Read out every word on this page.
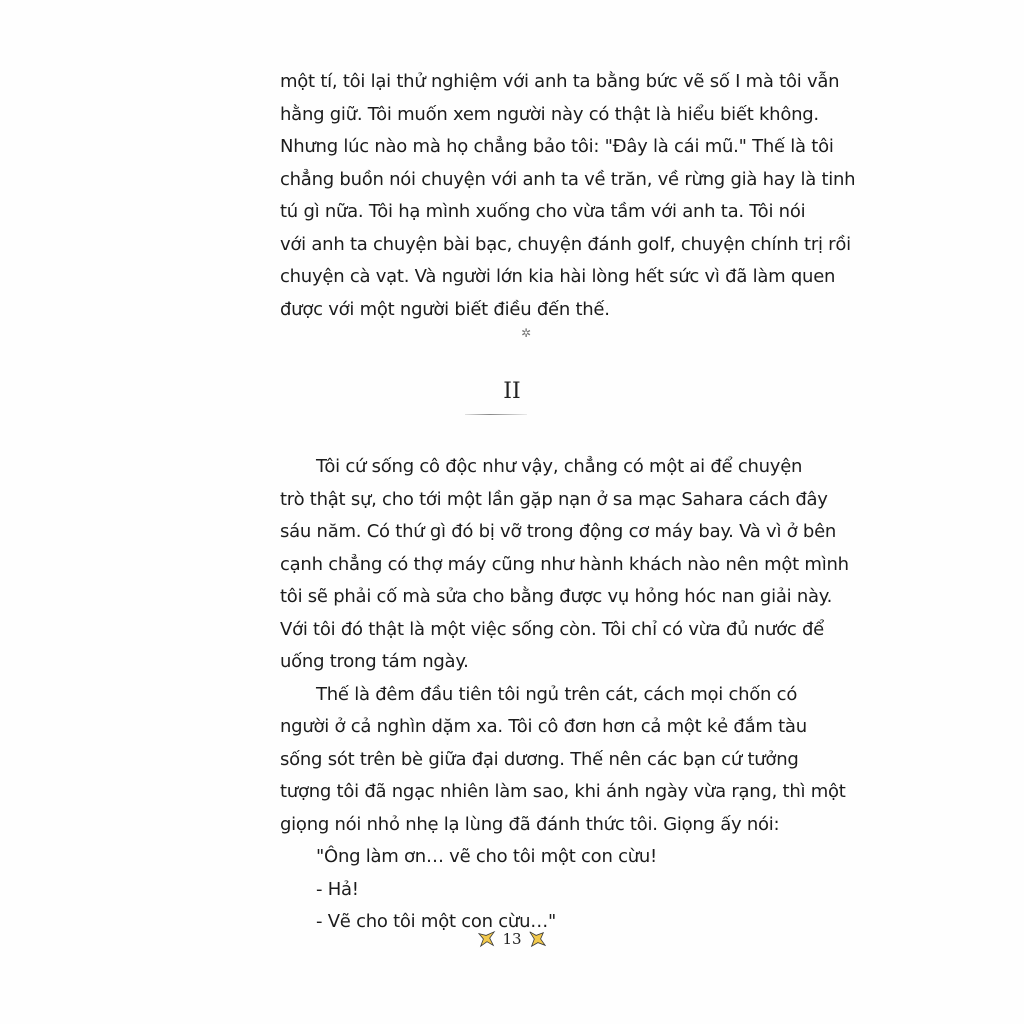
một tí, tôi lại thử nghiệm với anh ta bằng bức vẽ số I mà tôi vẫn
hằng giữ. Tôi muốn xem người này có thật là hiểu biết không.
Nhưng lúc nào mà họ chẳng bảo tôi: "Đây là cái mũ." Thế là tôi
chẳng buồn nói chuyện với anh ta về trăn, về rừng già hay là tinh
tú gì nữa. Tôi hạ mình xuống cho vừa tầm với anh ta. Tôi nói
với anh ta chuyện bài bạc, chuyện đánh golf, chuyện chính trị rồi
chuyện cà vạt. Và người lớn kia hài lòng hết sức vì đã làm quen
được với một người biết điều đến thế.
✲
II
Tôi cứ sống cô độc như vậy, chẳng có một ai để chuyện
trò thật sự, cho tới một lần gặp nạn ở sa mạc Sahara cách đây
sáu năm. Có thứ gì đó bị vỡ trong động cơ máy bay. Và vì ở bên
cạnh chẳng có thợ máy cũng như hành khách nào nên một mình
tôi sẽ phải cố mà sửa cho bằng được vụ hỏng hóc nan giải này.
Với tôi đó thật là một việc sống còn. Tôi chỉ có vừa đủ nước để
uống trong tám ngày.
Thế là đêm đầu tiên tôi ngủ trên cát, cách mọi chốn có
người ở cả nghìn dặm xa. Tôi cô đơn hơn cả một kẻ đắm tàu
sống sót trên bè giữa đại dương. Thế nên các bạn cứ tưởng
tượng tôi đã ngạc nhiên làm sao, khi ánh ngày vừa rạng, thì một
giọng nói nhỏ nhẹ lạ lùng đã đánh thức tôi. Giọng ấy nói:
"Ông làm ơn… vẽ cho tôi một con cừu!
- Hả!
- Vẽ cho tôi một con cừu…"
13
